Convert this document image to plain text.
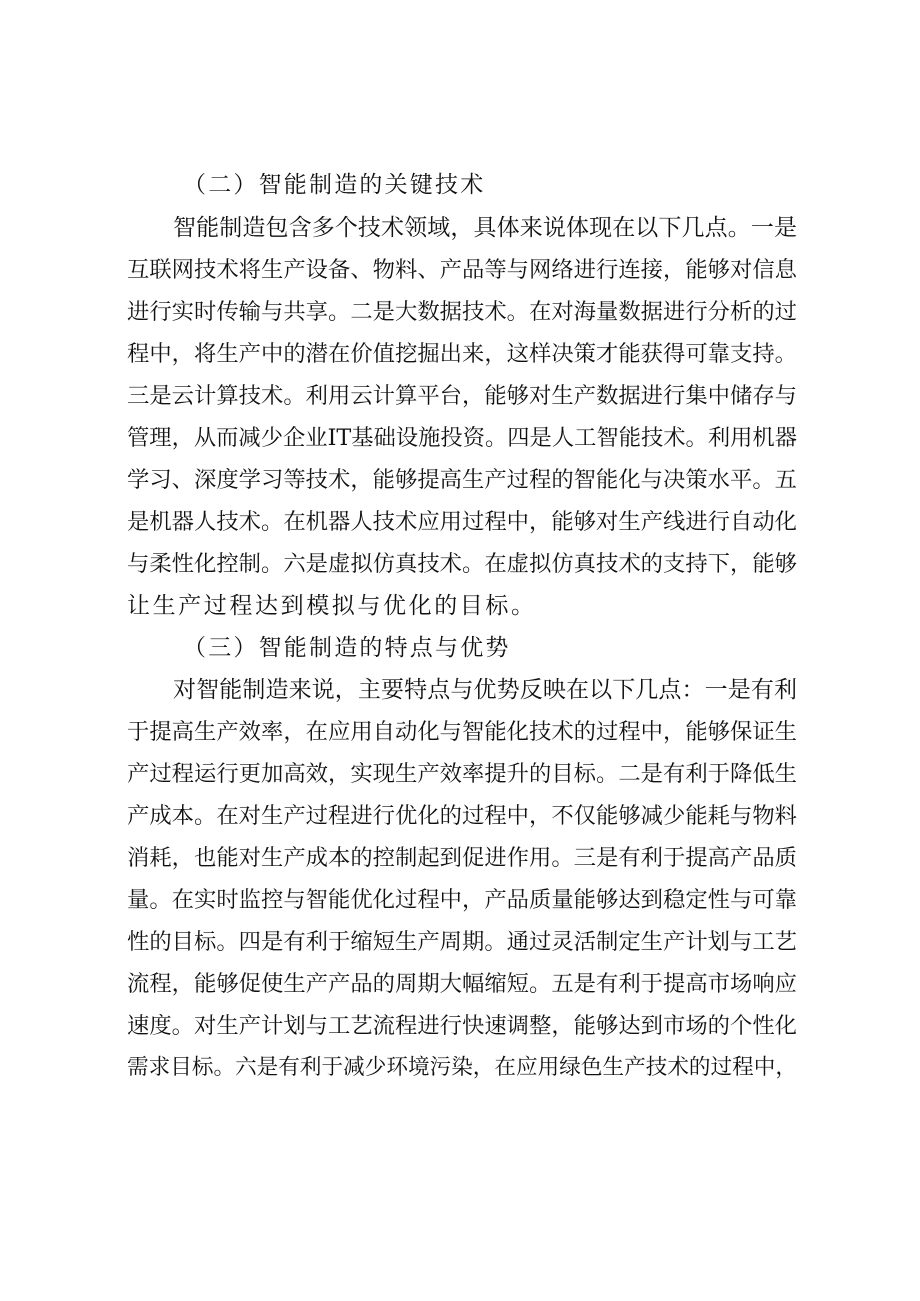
（二）智能制造的关键技术
智能制造包含多个技术领域，具体来说体现在以下几点。一是
互联网技术将生产设备、物料、产品等与网络进行连接，能够对信息
进行实时传输与共享。二是大数据技术。在对海量数据进行分析的过
程中，将生产中的潜在价值挖掘出来，这样决策才能获得可靠支持。
三是云计算技术。利用云计算平台，能够对生产数据进行集中储存与
管理，从而减少企业IT基础设施投资。四是人工智能技术。利用机器
学习、深度学习等技术，能够提高生产过程的智能化与决策水平。五
是机器人技术。在机器人技术应用过程中，能够对生产线进行自动化
与柔性化控制。六是虚拟仿真技术。在虚拟仿真技术的支持下，能够
让生产过程达到模拟与优化的目标。
（三）智能制造的特点与优势
对智能制造来说，主要特点与优势反映在以下几点：一是有利
于提高生产效率，在应用自动化与智能化技术的过程中，能够保证生
产过程运行更加高效，实现生产效率提升的目标。二是有利于降低生
产成本。在对生产过程进行优化的过程中，不仅能够减少能耗与物料
消耗，也能对生产成本的控制起到促进作用。三是有利于提高产品质
量。在实时监控与智能优化过程中，产品质量能够达到稳定性与可靠
性的目标。四是有利于缩短生产周期。通过灵活制定生产计划与工艺
流程，能够促使生产产品的周期大幅缩短。五是有利于提高市场响应
速度。对生产计划与工艺流程进行快速调整，能够达到市场的个性化
需求目标。六是有利于减少环境污染，在应用绿色生产技术的过程中，
